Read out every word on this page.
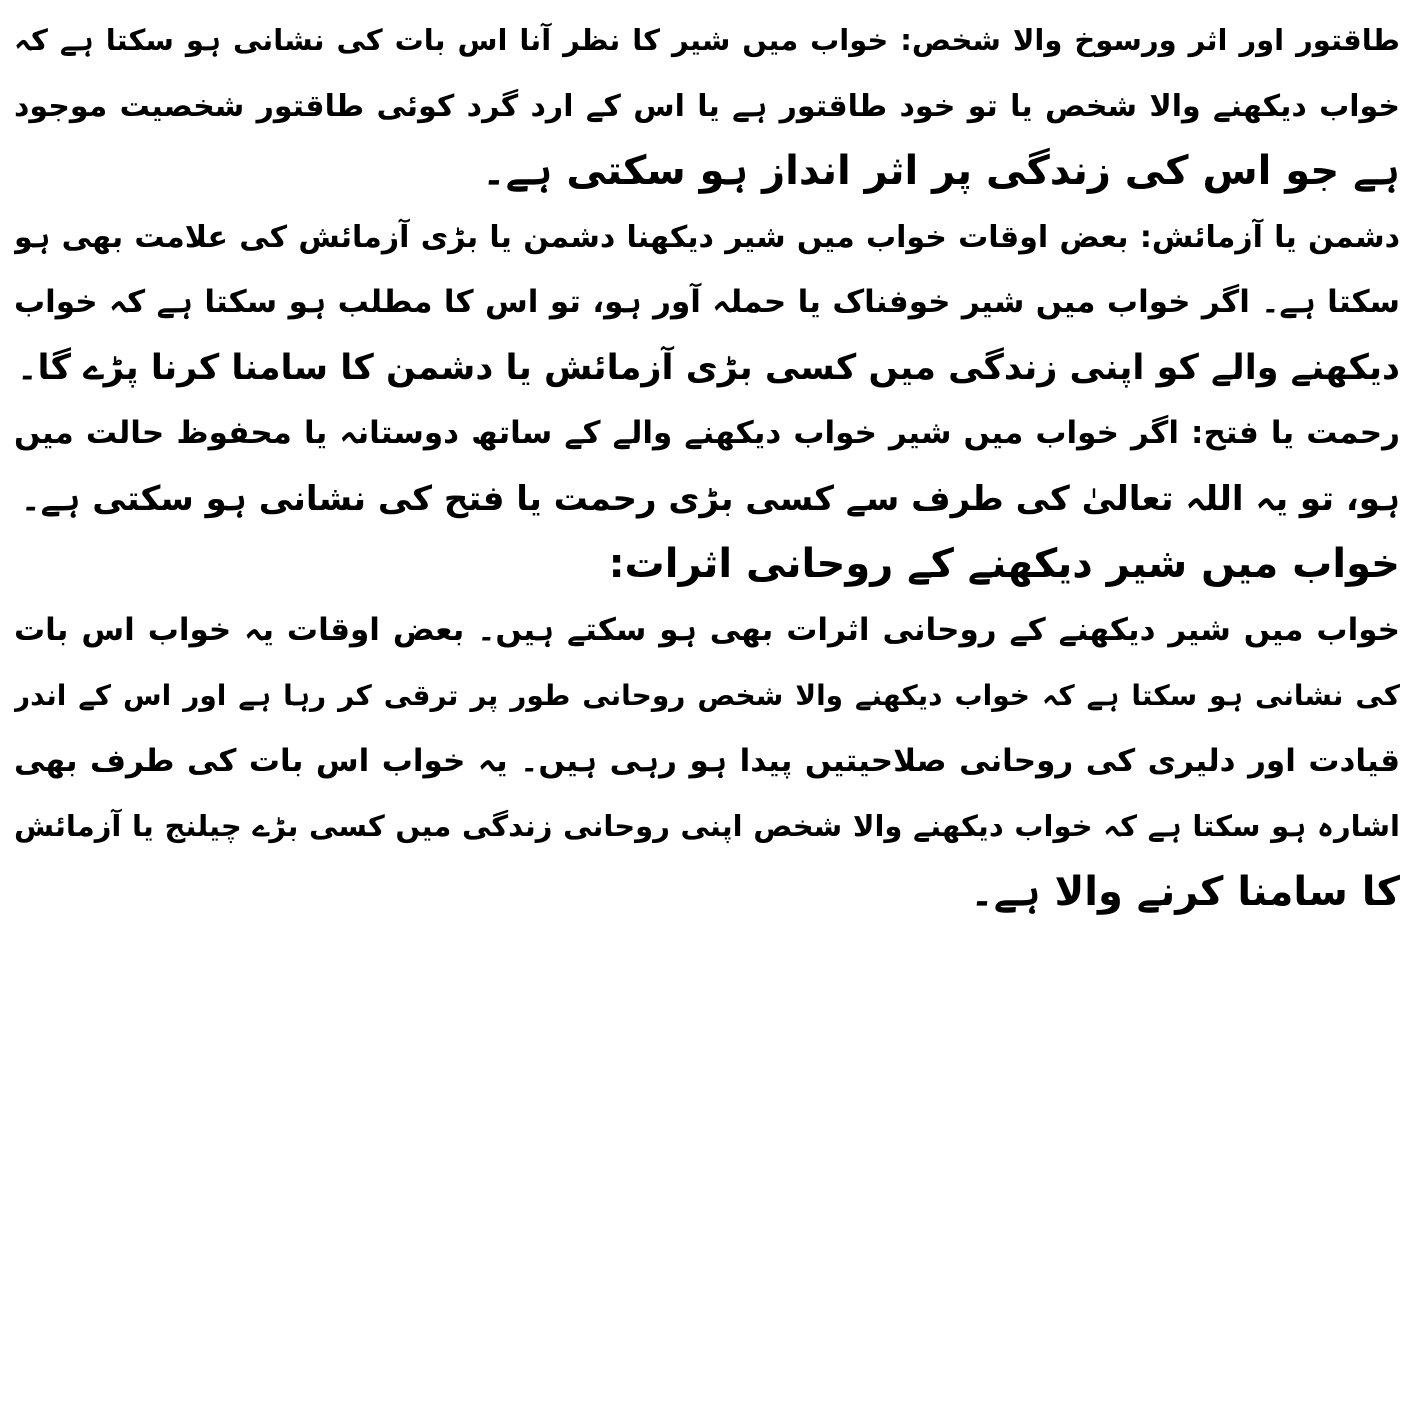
طاقتور اور اثر ورسوخ والا شخص: خواب میں شیر کا نظر آنا اس بات کی نشانی ہو سکتا ہے کہ
خواب دیکھنے والا شخص یا تو خود طاقتور ہے یا اس کے ارد گرد کوئی طاقتور شخصیت موجود
ہے جو اس کی زندگی پر اثر انداز ہو سکتی ہے۔
دشمن یا آزمائش: بعض اوقات خواب میں شیر دیکھنا دشمن یا بڑی آزمائش کی علامت بھی ہو
سکتا ہے۔ اگر خواب میں شیر خوفناک یا حملہ آور ہو، تو اس کا مطلب ہو سکتا ہے کہ خواب
دیکھنے والے کو اپنی زندگی میں کسی بڑی آزمائش یا دشمن کا سامنا کرنا پڑے گا۔
رحمت یا فتح: اگر خواب میں شیر خواب دیکھنے والے کے ساتھ دوستانہ یا محفوظ حالت میں
ہو، تو یہ اللہ تعالیٰ کی طرف سے کسی بڑی رحمت یا فتح کی نشانی ہو سکتی ہے۔
خواب میں شیر دیکھنے کے روحانی اثرات:
خواب میں شیر دیکھنے کے روحانی اثرات بھی ہو سکتے ہیں۔ بعض اوقات یہ خواب اس بات
کی نشانی ہو سکتا ہے کہ خواب دیکھنے والا شخص روحانی طور پر ترقی کر رہا ہے اور اس کے اندر
قیادت اور دلیری کی روحانی صلاحیتیں پیدا ہو رہی ہیں۔ یہ خواب اس بات کی طرف بھی
اشارہ ہو سکتا ہے کہ خواب دیکھنے والا شخص اپنی روحانی زندگی میں کسی بڑے چیلنج یا آزمائش
کا سامنا کرنے والا ہے۔
